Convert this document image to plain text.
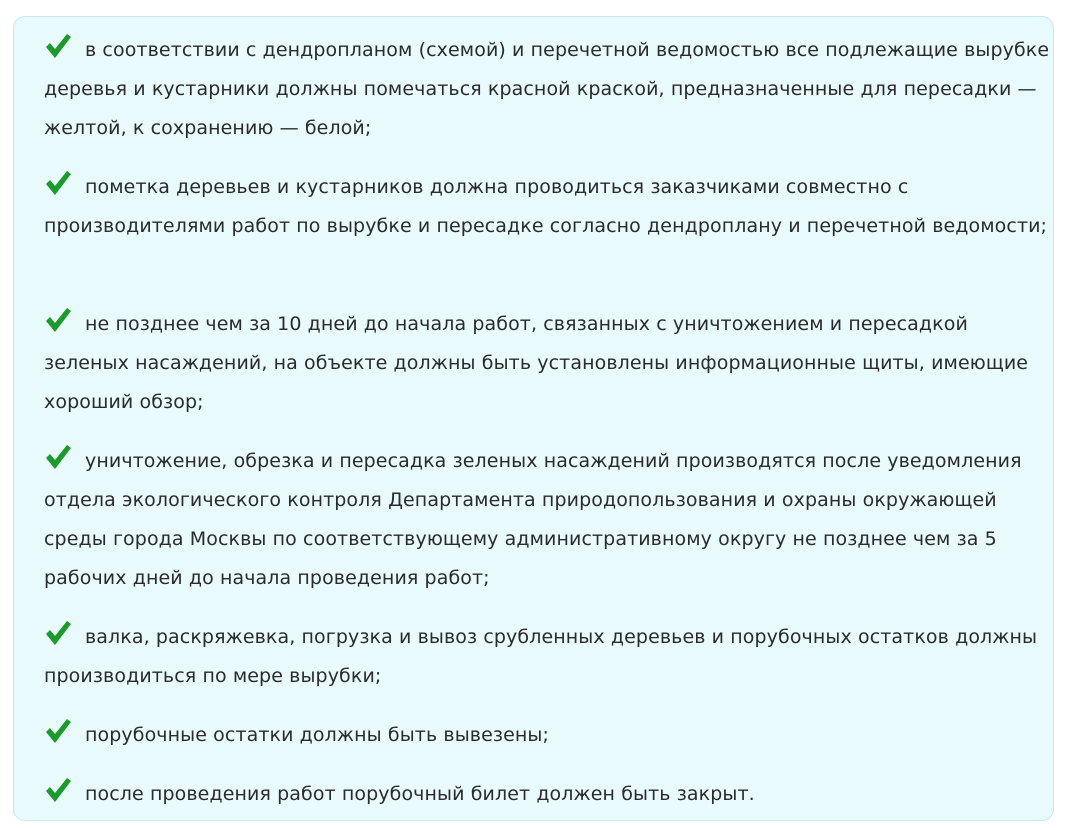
в соответствии с дендропланом (схемой) и перечетной ведомостью все подлежащие вырубке деревья и кустарники должны помечаться красной краской, предназначенные для пересадки — желтой, к сохранению — белой;
пометка деревьев и кустарников должна проводиться заказчиками совместно с производителями работ по вырубке и пересадке согласно дендроплану и перечетной ведомости;
не позднее чем за 10 дней до начала работ, связанных с уничтожением и пересадкой зеленых насаждений, на объекте должны быть установлены информационные щиты, имеющие хороший обзор;
уничтожение, обрезка и пересадка зеленых насаждений производятся после уведомления отдела экологического контроля Департамента природопользования и охраны окружающей среды города Москвы по соответствующему административному округу не позднее чем за 5 рабочих дней до начала проведения работ;
валка, раскряжевка, погрузка и вывоз срубленных деревьев и порубочных остатков должны производиться по мере вырубки;
порубочные остатки должны быть вывезены;
после проведения работ порубочный билет должен быть закрыт.
